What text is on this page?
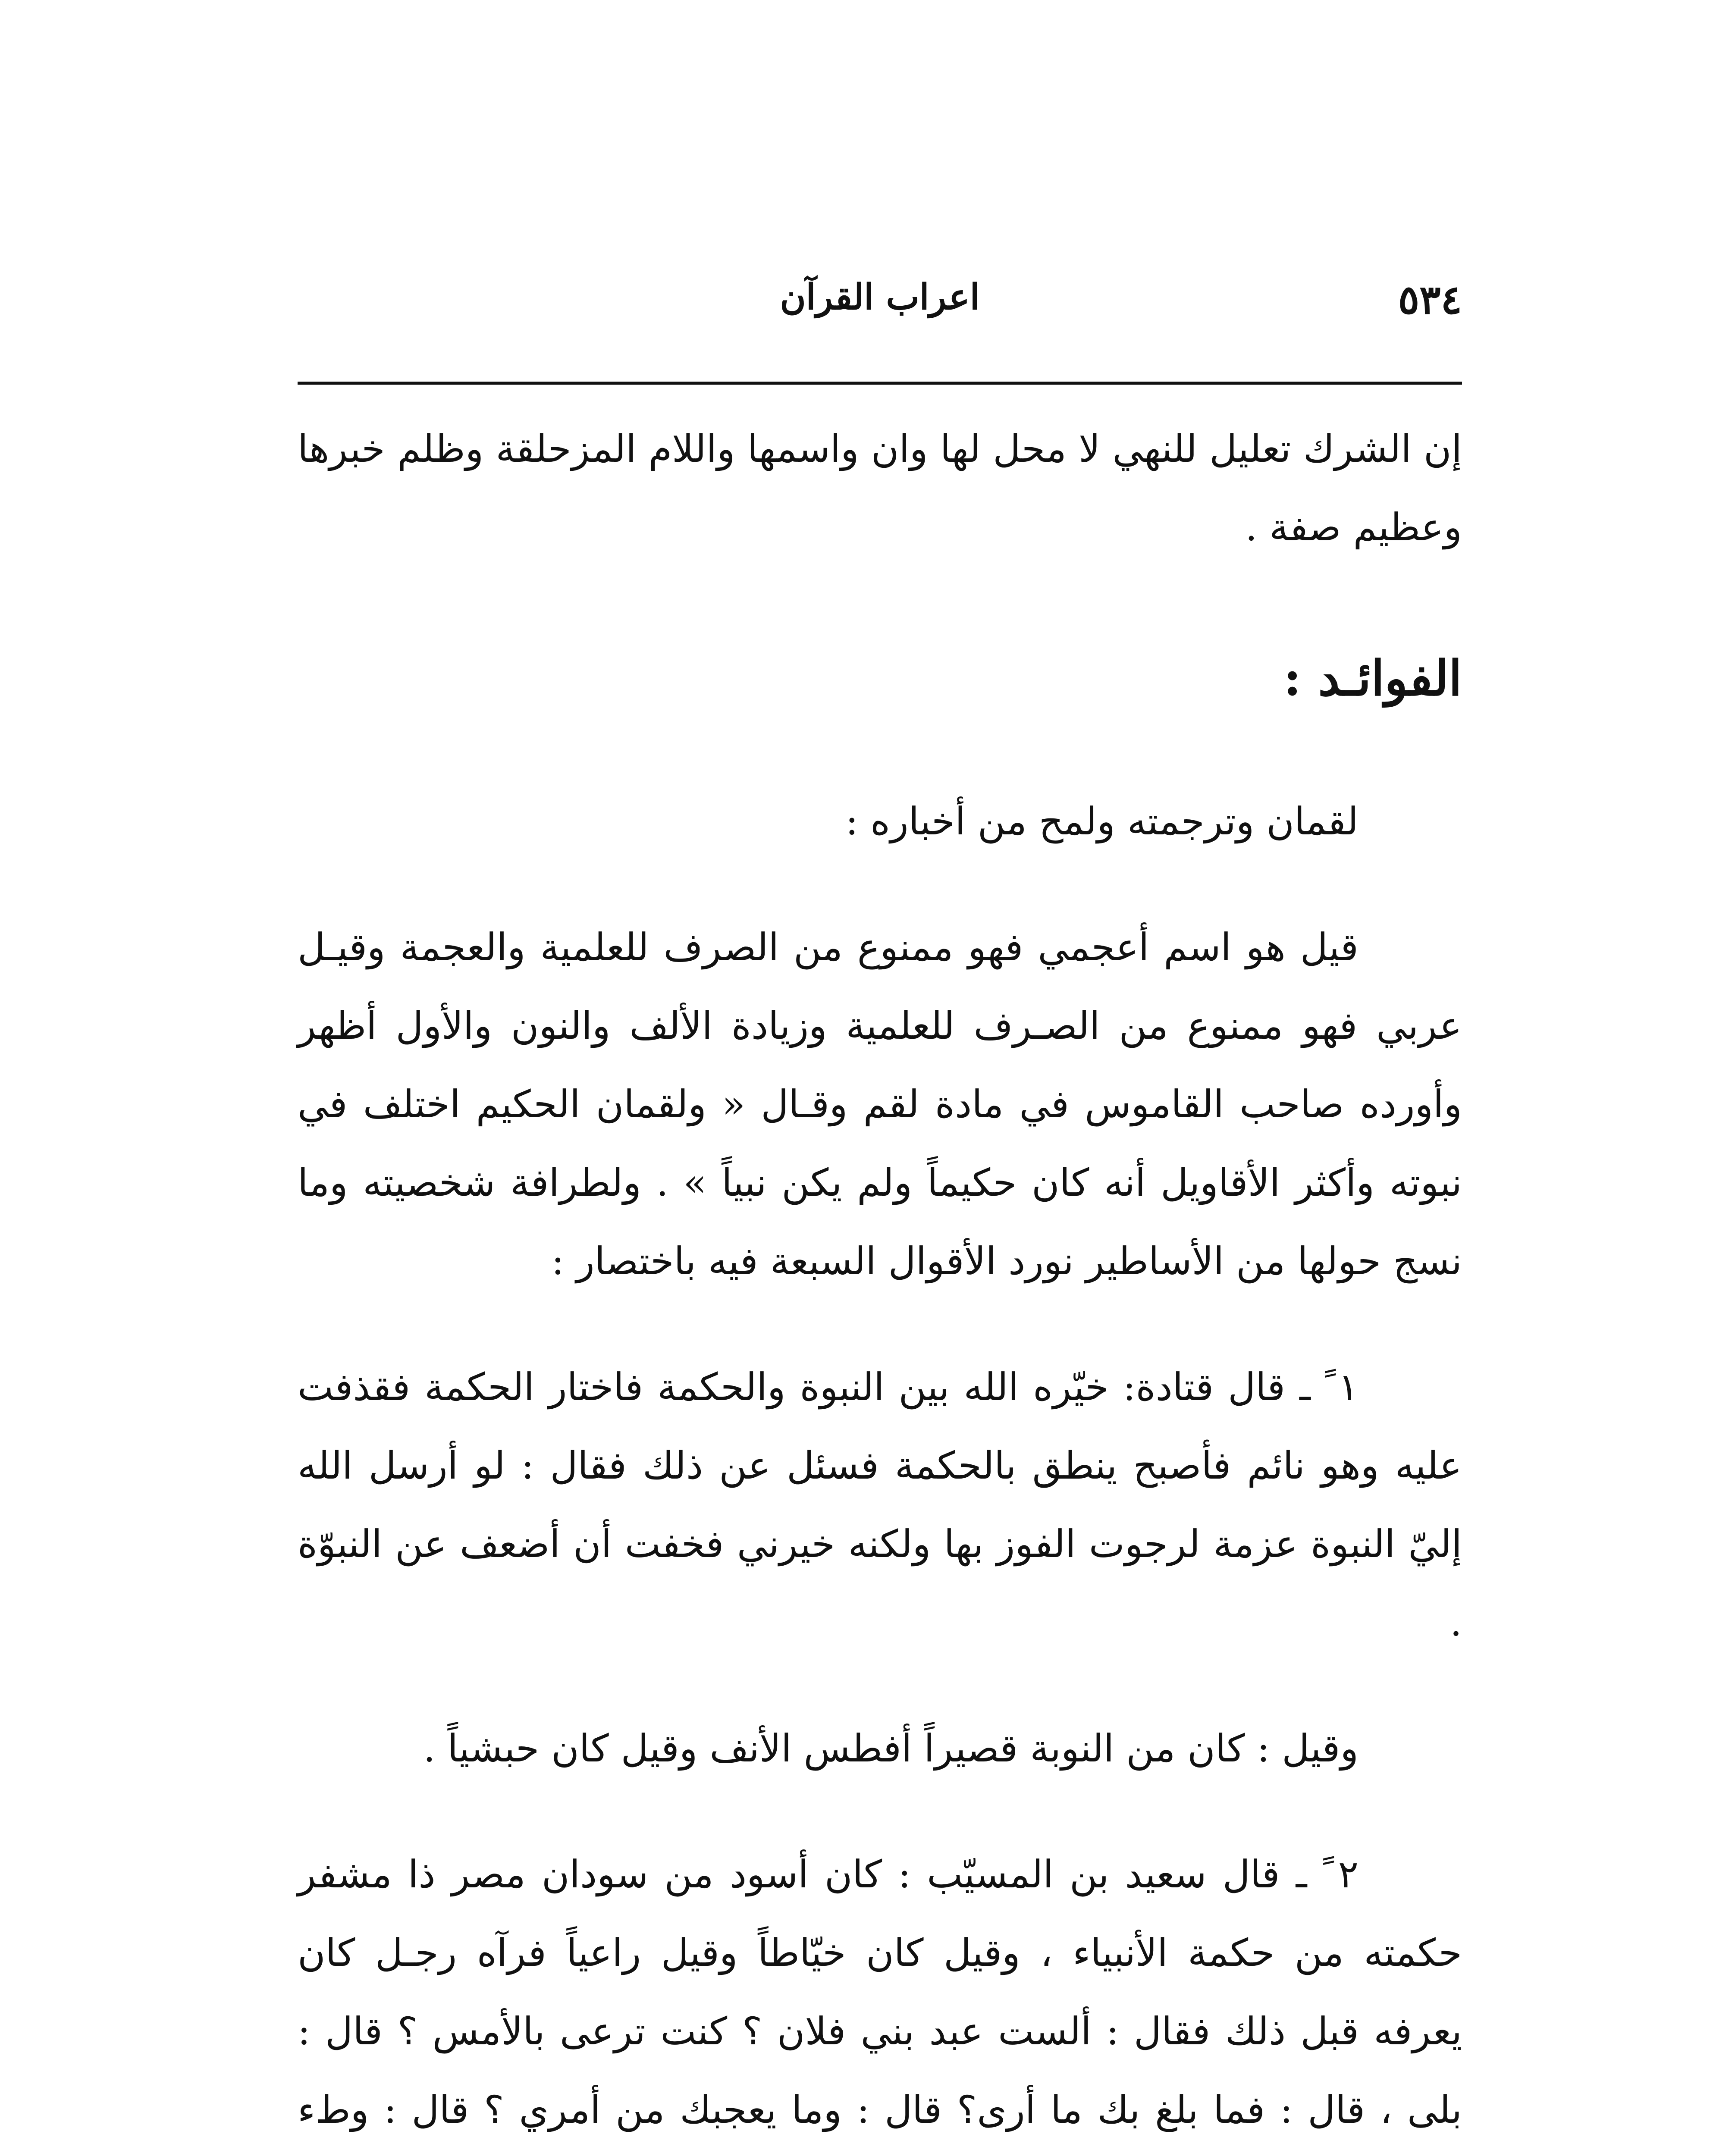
٥٣٤
اعراب القرآن

إن الشرك تعليل للنهي لا محل لها وان واسمها واللام المزحلقة وظلم خبرها وعظيم صفة .

الفوائـد :

لقمان وترجمته ولمح من أخباره :

قيل هو اسم أعجمي فهو ممنوع من الصرف للعلمية والعجمة وقيـل عربي فهو ممنوع من الصـرف للعلمية وزيادة الألف والنون والأول أظهر وأورده صاحب القاموس في مادة لقم وقـال « ولقمان الحكيم اختلف في نبوته وأكثر الأقاويل أنه كان حكيماً ولم يكن نبياً » . ولطرافة شخصيته وما نسج حولها من الأساطير نورد الأقوال السبعة فيه باختصار :

١ ً ـ قال قتادة: خيّره الله بين النبوة والحكمة فاختار الحكمة فقذفت عليه وهو نائم فأصبح ينطق بالحكمة فسئل عن ذلك فقال : لو أرسل الله إليّ النبوة عزمة لرجوت الفوز بها ولكنه خيرني فخفت أن أضعف عن النبوّة .

وقيل : كان من النوبة قصيراً أفطس الأنف وقيل كان حبشياً .

٢ ً ـ قال سعيد بن المسيّب : كان أسود من سودان مصر ذا مشفر حكمته من حكمة الأنبياء ، وقيل كان خيّاطاً وقيل راعياً فرآه رجـل كان يعرفه قبل ذلك فقال : ألست عبد بني فلان ؟ كنت ترعى بالأمس ؟ قال : بلى ، قال : فما بلغ بك ما أرى؟ قال : وما يعجبك من أمري ؟ قال : وطء
